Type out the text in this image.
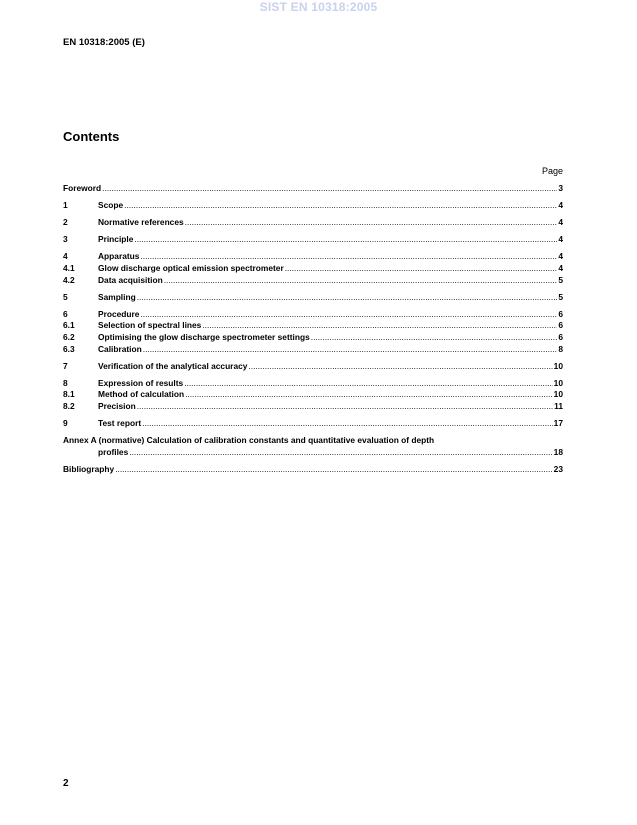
SIST EN 10318:2005
EN 10318:2005 (E)
Contents
Page
Foreword .....	3
1	Scope .....	4
2	Normative references .....	4
3	Principle .....	4
4	Apparatus .....	4
4.1	Glow discharge optical emission spectrometer .....	4
4.2	Data acquisition .....	5
5	Sampling .....	5
6	Procedure .....	6
6.1	Selection of spectral lines .....	6
6.2	Optimising the glow discharge spectrometer settings .....	6
6.3	Calibration .....	8
7	Verification of the analytical accuracy .....	10
8	Expression of results .....	10
8.1	Method of calculation .....	10
8.2	Precision .....	11
9	Test report .....	17
Annex A (normative) Calculation of calibration constants and quantitative evaluation of depth
profiles .....	18
Bibliography .....	23
2
